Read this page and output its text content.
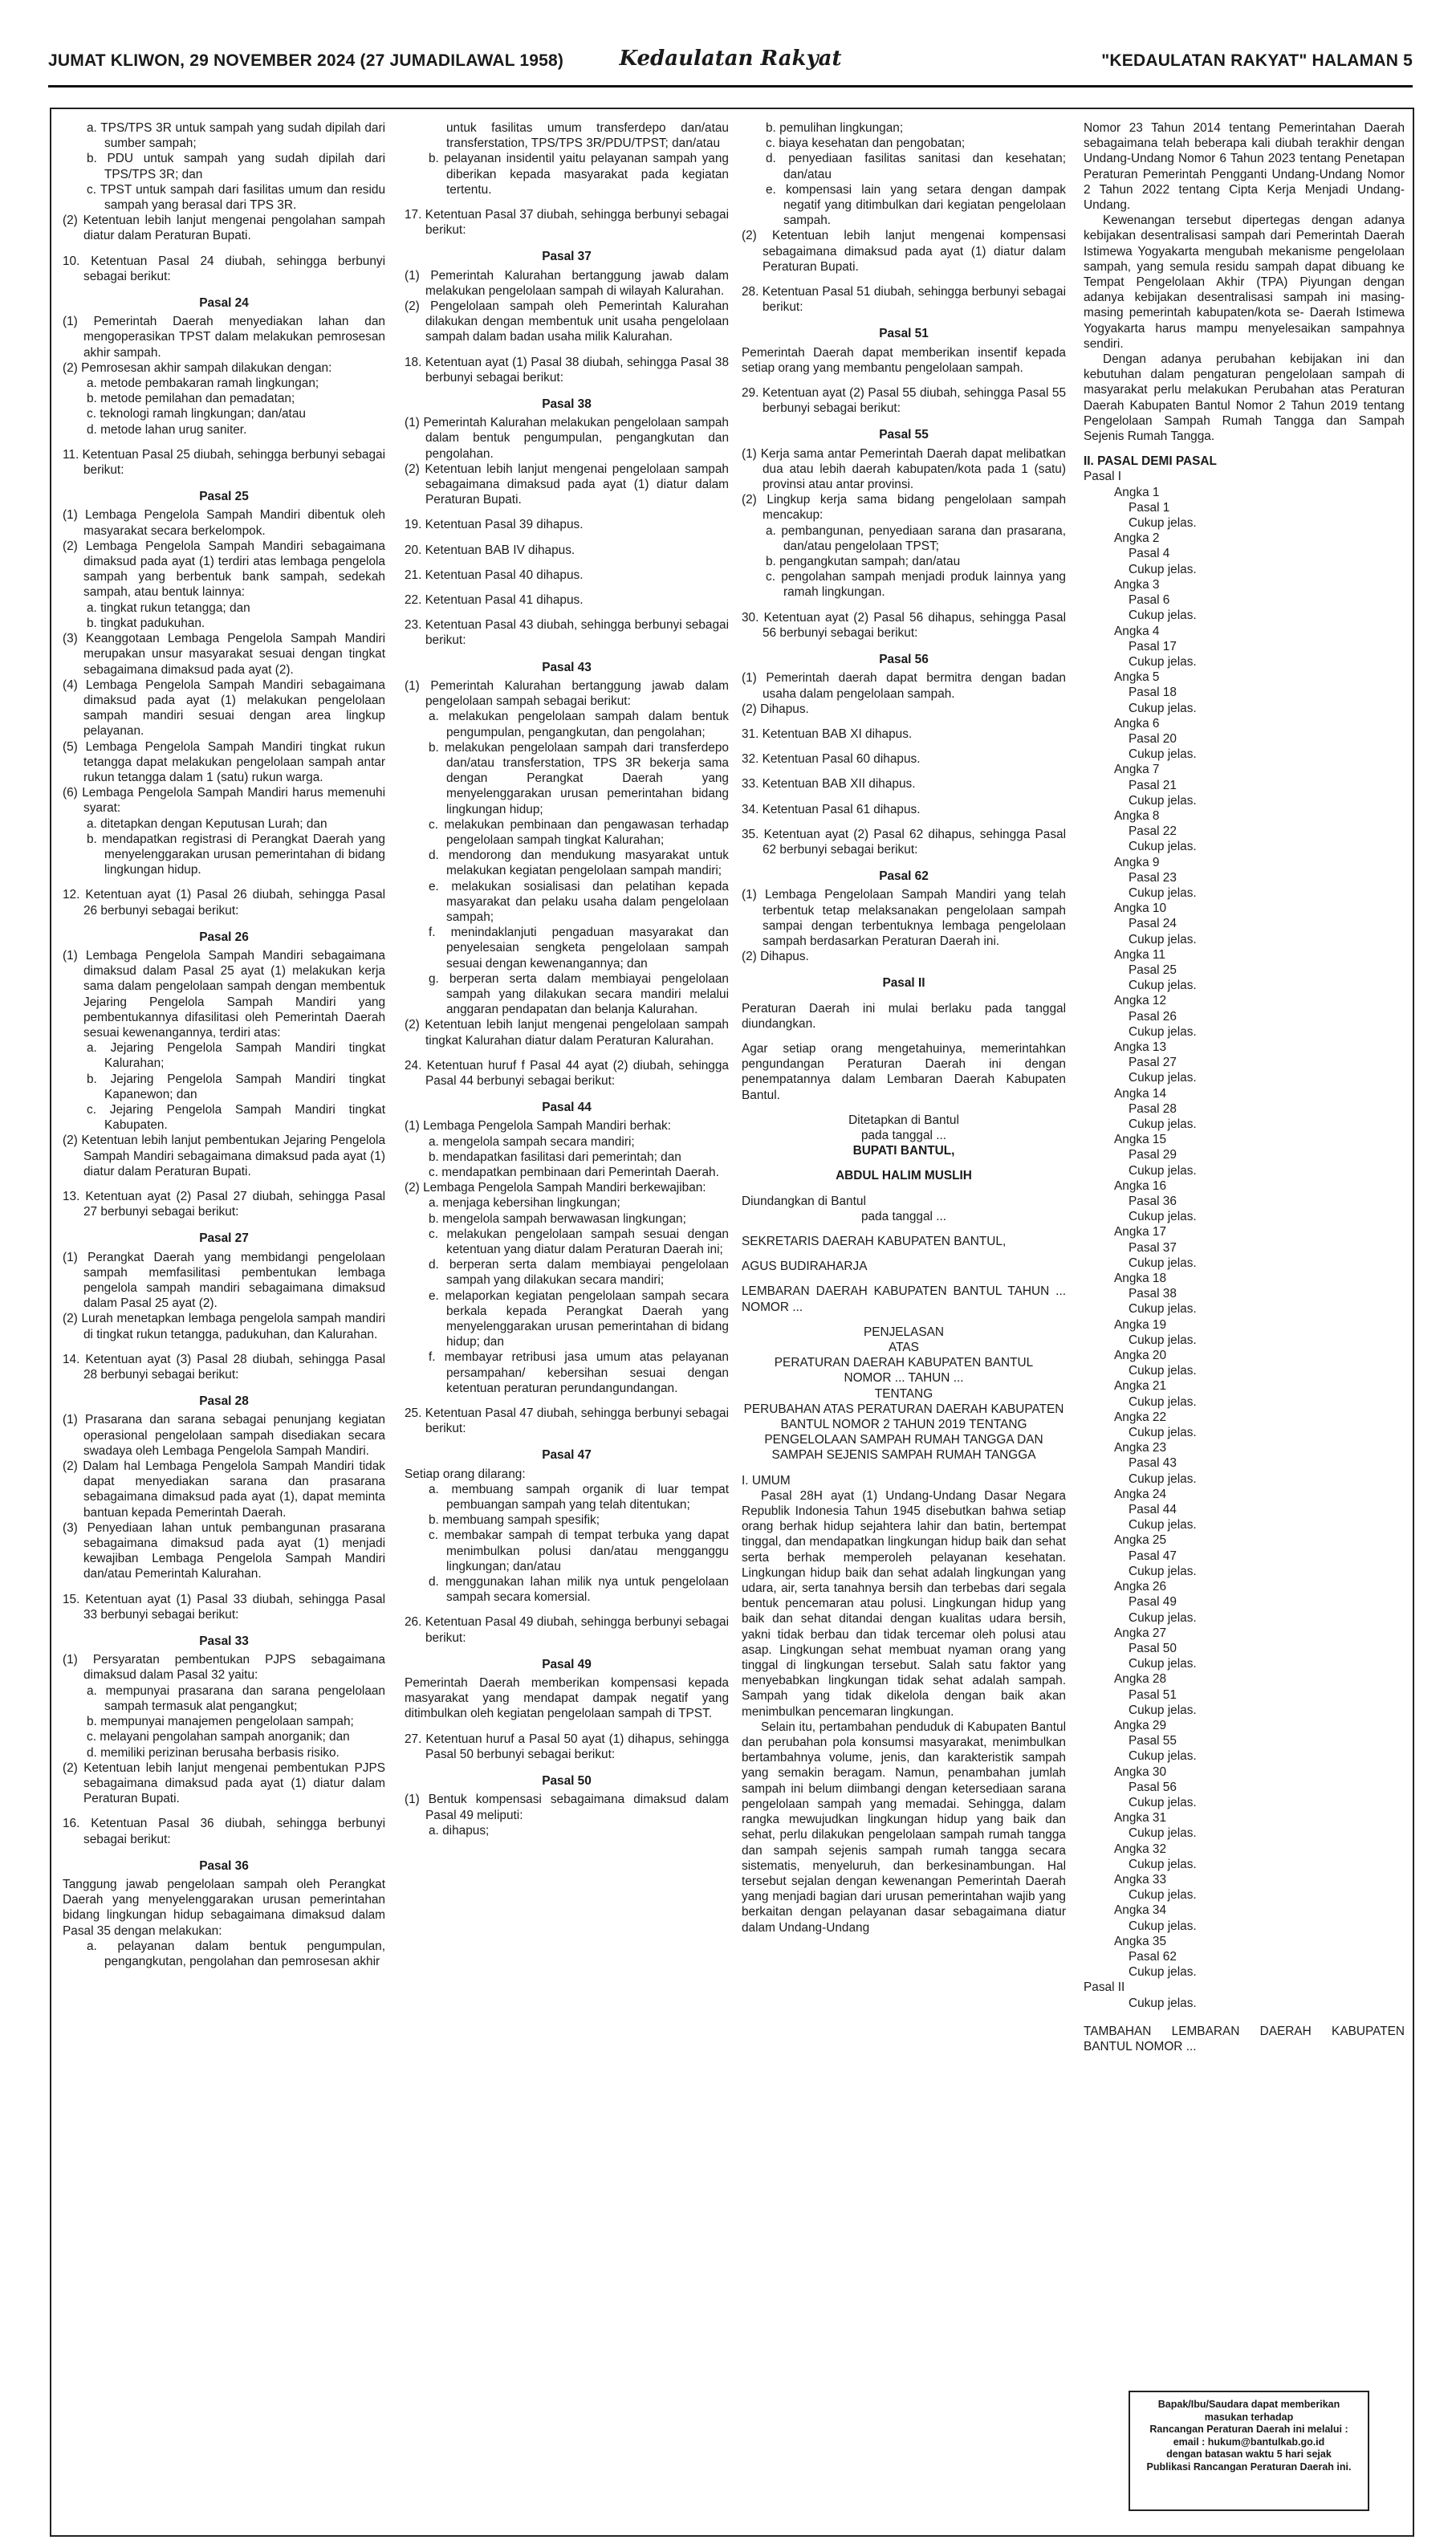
JUMAT KLIWON, 29 NOVEMBER 2024 (27 JUMADILAWAL 1958)	Kedaulatan Rakyat	"KEDAULATAN RAKYAT" HALAMAN 5
a. TPS/TPS 3R untuk sampah yang sudah dipilah dari sumber sampah;
b. PDU untuk sampah yang sudah dipilah dari TPS/TPS 3R; dan
c. TPST untuk sampah dari fasilitas umum dan residu sampah yang berasal dari TPS 3R.
(2) Ketentuan lebih lanjut mengenai pengolahan sampah diatur dalam Peraturan Bupati.
10. Ketentuan Pasal 24 diubah, sehingga berbunyi sebagai berikut:
Pasal 24
(1) Pemerintah Daerah menyediakan lahan dan mengoperasikan TPST dalam melakukan pemrosesan akhir sampah.
(2) Pemrosesan akhir sampah dilakukan dengan:
a. metode pembakaran ramah lingkungan;
b. metode pemilahan dan pemadatan;
c. teknologi ramah lingkungan; dan/atau
d. metode lahan urug saniter.
11. Ketentuan Pasal 25 diubah, sehingga berbunyi sebagai berikut:
Pasal 25
(1) Lembaga Pengelola Sampah Mandiri dibentuk oleh masyarakat secara berkelompok.
(2) Lembaga Pengelola Sampah Mandiri sebagaimana dimaksud pada ayat (1) terdiri atas lembaga pengelola sampah yang berbentuk bank sampah, sedekah sampah, atau bentuk lainnya:
a. tingkat rukun tetangga; dan
b. tingkat padukuhan.
(3) Keanggotaan Lembaga Pengelola Sampah Mandiri merupakan unsur masyarakat sesuai dengan tingkat sebagaimana dimaksud pada ayat (2).
(4) Lembaga Pengelola Sampah Mandiri sebagaimana dimaksud pada ayat (1) melakukan pengelolaan sampah mandiri sesuai dengan area lingkup pelayanan.
(5) Lembaga Pengelola Sampah Mandiri tingkat rukun tetangga dapat melakukan pengelolaan sampah antar rukun tetangga dalam 1 (satu) rukun warga.
(6) Lembaga Pengelola Sampah Mandiri harus memenuhi syarat:
a. ditetapkan dengan Keputusan Lurah; dan
b. mendapatkan registrasi di Perangkat Daerah yang menyelenggarakan urusan pemerintahan di bidang lingkungan hidup.
12. Ketentuan ayat (1) Pasal 26 diubah, sehingga Pasal 26 berbunyi sebagai berikut:
Pasal 26
(1) Lembaga Pengelola Sampah Mandiri sebagaimana dimaksud dalam Pasal 25 ayat (1) melakukan kerja sama dalam pengelolaan sampah dengan membentuk Jejaring Pengelola Sampah Mandiri yang pembentukannya difasilitasi oleh Pemerintah Daerah sesuai kewenangannya, terdiri atas:
a. Jejaring Pengelola Sampah Mandiri tingkat Kalurahan;
b. Jejaring Pengelola Sampah Mandiri tingkat Kapanewon; dan
c. Jejaring Pengelola Sampah Mandiri tingkat Kabupaten.
(2) Ketentuan lebih lanjut pembentukan Jejaring Pengelola Sampah Mandiri sebagaimana dimaksud pada ayat (1) diatur dalam Peraturan Bupati.
13. Ketentuan ayat (2) Pasal 27 diubah, sehingga Pasal 27 berbunyi sebagai berikut:
Pasal 27
(1) Perangkat Daerah yang membidangi pengelolaan sampah memfasilitasi pembentukan lembaga pengelola sampah mandiri sebagaimana dimaksud dalam Pasal 25 ayat (2).
(2) Lurah menetapkan lembaga pengelola sampah mandiri di tingkat rukun tetangga, padukuhan, dan Kalurahan.
14. Ketentuan ayat (3) Pasal 28 diubah, sehingga Pasal 28 berbunyi sebagai berikut:
Pasal 28
(1) Prasarana dan sarana sebagai penunjang kegiatan operasional pengelolaan sampah disediakan secara swadaya oleh Lembaga Pengelola Sampah Mandiri.
(2) Dalam hal Lembaga Pengelola Sampah Mandiri tidak dapat menyediakan sarana dan prasarana sebagaimana dimaksud pada ayat (1), dapat meminta bantuan kepada Pemerintah Daerah.
(3) Penyediaan lahan untuk pembangunan prasarana sebagaimana dimaksud pada ayat (1) menjadi kewajiban Lembaga Pengelola Sampah Mandiri dan/atau Pemerintah Kalurahan.
15. Ketentuan ayat (1) Pasal 33 diubah, sehingga Pasal 33 berbunyi sebagai berikut:
Pasal 33
(1) Persyaratan pembentukan PJPS sebagaimana dimaksud dalam Pasal 32 yaitu:
a. mempunyai prasarana dan sarana pengelolaan sampah termasuk alat pengangkut;
b. mempunyai manajemen pengelolaan sampah;
c. melayani pengolahan sampah anorganik; dan
d. memiliki perizinan berusaha berbasis risiko.
(2) Ketentuan lebih lanjut mengenai pembentukan PJPS sebagaimana dimaksud pada ayat (1) diatur dalam Peraturan Bupati.
16. Ketentuan Pasal 36 diubah, sehingga berbunyi sebagai berikut:
Pasal 36
Tanggung jawab pengelolaan sampah oleh Perangkat Daerah yang menyelenggarakan urusan pemerintahan bidang lingkungan hidup sebagaimana dimaksud dalam Pasal 35 dengan melakukan:
a. pelayanan dalam bentuk pengumpulan, pengangkutan, pengolahan dan pemrosesan akhir
untuk fasilitas umum transferdepo dan/atau transferstation, TPS/TPS 3R/PDU/TPST; dan/atau
b. pelayanan insidentil yaitu pelayanan sampah yang diberikan kepada masyarakat pada kegiatan tertentu.
17. Ketentuan Pasal 37 diubah, sehingga berbunyi sebagai berikut:
Pasal 37
(1) Pemerintah Kalurahan bertanggung jawab dalam melakukan pengelolaan sampah di wilayah Kalurahan.
(2) Pengelolaan sampah oleh Pemerintah Kalurahan dilakukan dengan membentuk unit usaha pengelolaan sampah dalam badan usaha milik Kalurahan.
18. Ketentuan ayat (1) Pasal 38 diubah, sehingga Pasal 38 berbunyi sebagai berikut:
Pasal 38
(1) Pemerintah Kalurahan melakukan pengelolaan sampah dalam bentuk pengumpulan, pengangkutan dan pengolahan.
(2) Ketentuan lebih lanjut mengenai pengelolaan sampah sebagaimana dimaksud pada ayat (1) diatur dalam Peraturan Bupati.
19. Ketentuan Pasal 39 dihapus.
20. Ketentuan BAB IV dihapus.
21. Ketentuan Pasal 40 dihapus.
22. Ketentuan Pasal 41 dihapus.
23. Ketentuan Pasal 43 diubah, sehingga berbunyi sebagai berikut:
Pasal 43
(1) Pemerintah Kalurahan bertanggung jawab dalam pengelolaan sampah sebagai berikut:
a. melakukan pengelolaan sampah dalam bentuk pengumpulan, pengangkutan, dan pengolahan;
b. melakukan pengelolaan sampah dari transferdepo dan/atau transferstation, TPS 3R bekerja sama dengan Perangkat Daerah yang menyelenggarakan urusan pemerintahan bidang lingkungan hidup;
c. melakukan pembinaan dan pengawasan terhadap pengelolaan sampah tingkat Kalurahan;
d. mendorong dan mendukung masyarakat untuk melakukan kegiatan pengelolaan sampah mandiri;
e. melakukan sosialisasi dan pelatihan kepada masyarakat dan pelaku usaha dalam pengelolaan sampah;
f. menindaklanjuti pengaduan masyarakat dan penyelesaian sengketa pengelolaan sampah sesuai dengan kewenangannya; dan
g. berperan serta dalam membiayai pengelolaan sampah yang dilakukan secara mandiri melalui anggaran pendapatan dan belanja Kalurahan.
(2) Ketentuan lebih lanjut mengenai pengelolaan sampah tingkat Kalurahan diatur dalam Peraturan Kalurahan.
24. Ketentuan huruf f Pasal 44 ayat (2) diubah, sehingga Pasal 44 berbunyi sebagai berikut:
Pasal 44
(1) Lembaga Pengelola Sampah Mandiri berhak:
a. mengelola sampah secara mandiri;
b. mendapatkan fasilitasi dari pemerintah; dan
c. mendapatkan pembinaan dari Pemerintah Daerah.
(2) Lembaga Pengelola Sampah Mandiri berkewajiban:
a. menjaga kebersihan lingkungan;
b. mengelola sampah berwawasan lingkungan;
c. melakukan pengelolaan sampah sesuai dengan ketentuan yang diatur dalam Peraturan Daerah ini;
d. berperan serta dalam membiayai pengelolaan sampah yang dilakukan secara mandiri;
e. melaporkan kegiatan pengelolaan sampah secara berkala kepada Perangkat Daerah yang menyelenggarakan urusan pemerintahan di bidang hidup; dan
f. membayar retribusi jasa umum atas pelayanan persampahan/ kebersihan sesuai dengan ketentuan peraturan perundangundangan.
25. Ketentuan Pasal 47 diubah, sehingga berbunyi sebagai berikut:
Pasal 47
Setiap orang dilarang:
a. membuang sampah organik di luar tempat pembuangan sampah yang telah ditentukan;
b. membuang sampah spesifik;
c. membakar sampah di tempat terbuka yang dapat menimbulkan polusi dan/atau mengganggu lingkungan; dan/atau
d. menggunakan lahan milik nya untuk pengelolaan sampah secara komersial.
26. Ketentuan Pasal 49 diubah, sehingga berbunyi sebagai berikut:
Pasal 49
Pemerintah Daerah memberikan kompensasi kepada masyarakat yang mendapat dampak negatif yang ditimbulkan oleh kegiatan pengelolaan sampah di TPST.
27. Ketentuan huruf a Pasal 50 ayat (1) dihapus, sehingga Pasal 50 berbunyi sebagai berikut:
Pasal 50
(1) Bentuk kompensasi sebagaimana dimaksud dalam Pasal 49 meliputi:
a. dihapus;
b. pemulihan lingkungan;
c. biaya kesehatan dan pengobatan;
d. penyediaan fasilitas sanitasi dan kesehatan; dan/atau
e. kompensasi lain yang setara dengan dampak negatif yang ditimbulkan dari kegiatan pengelolaan sampah.
(2) Ketentuan lebih lanjut mengenai kompensasi sebagaimana dimaksud pada ayat (1) diatur dalam Peraturan Bupati.
28. Ketentuan Pasal 51 diubah, sehingga berbunyi sebagai berikut:
Pasal 51
Pemerintah Daerah dapat memberikan insentif kepada setiap orang yang membantu pengelolaan sampah.
29. Ketentuan ayat (2) Pasal 55 diubah, sehingga Pasal 55 berbunyi sebagai berikut:
Pasal 55
(1) Kerja sama antar Pemerintah Daerah dapat melibatkan dua atau lebih daerah kabupaten/kota pada 1 (satu) provinsi atau antar provinsi.
(2) Lingkup kerja sama bidang pengelolaan sampah mencakup:
a. pembangunan, penyediaan sarana dan prasarana, dan/atau pengelolaan TPST;
b. pengangkutan sampah; dan/atau
c. pengolahan sampah menjadi produk lainnya yang ramah lingkungan.
30. Ketentuan ayat (2) Pasal 56 dihapus, sehingga Pasal 56 berbunyi sebagai berikut:
Pasal 56
(1) Pemerintah daerah dapat bermitra dengan badan usaha dalam pengelolaan sampah.
(2) Dihapus.
31. Ketentuan BAB XI dihapus.
32. Ketentuan Pasal 60 dihapus.
33. Ketentuan BAB XII dihapus.
34. Ketentuan Pasal 61 dihapus.
35. Ketentuan ayat (2) Pasal 62 dihapus, sehingga Pasal 62 berbunyi sebagai berikut:
Pasal 62
(1) Lembaga Pengelolaan Sampah Mandiri yang telah terbentuk tetap melaksanakan pengelolaan sampah sampai dengan terbentuknya lembaga pengelolaan sampah berdasarkan Peraturan Daerah ini.
(2) Dihapus.
Pasal II
Peraturan Daerah ini mulai berlaku pada tanggal diundangkan.
Agar setiap orang mengetahuinya, memerintahkan pengundangan Peraturan Daerah ini dengan penempatannya dalam Lembaran Daerah Kabupaten Bantul.
Ditetapkan di Bantul
pada tanggal ...
BUPATI BANTUL,
ABDUL HALIM MUSLIH
Diundangkan di Bantul
pada tanggal ...
SEKRETARIS DAERAH KABUPATEN BANTUL,
AGUS BUDIRAHARJA
LEMBARAN DAERAH KABUPATEN BANTUL TAHUN ... NOMOR ...
PENJELASAN
ATAS
PERATURAN DAERAH KABUPATEN BANTUL
NOMOR ... TAHUN ...
TENTANG
PERUBAHAN ATAS PERATURAN DAERAH KABUPATEN BANTUL NOMOR 2 TAHUN 2019 TENTANG PENGELOLAAN SAMPAH RUMAH TANGGA DAN SAMPAH SEJENIS SAMPAH RUMAH TANGGA
I. UMUM
Pasal 28H ayat (1) Undang-Undang Dasar Negara Republik Indonesia Tahun 1945 disebutkan bahwa setiap orang berhak hidup sejahtera lahir dan batin, bertempat tinggal, dan mendapatkan lingkungan hidup baik dan sehat serta berhak memperoleh pelayanan kesehatan. Lingkungan hidup baik dan sehat adalah lingkungan yang udara, air, serta tanahnya bersih dan terbebas dari segala bentuk pencemaran atau polusi. Lingkungan hidup yang baik dan sehat ditandai dengan kualitas udara bersih, yakni tidak berbau dan tidak tercemar oleh polusi atau asap. Lingkungan sehat membuat nyaman orang yang tinggal di lingkungan tersebut. Salah satu faktor yang menyebabkan lingkungan tidak sehat adalah sampah. Sampah yang tidak dikelola dengan baik akan menimbulkan pencemaran lingkungan.
Selain itu, pertambahan penduduk di Kabupaten Bantul dan perubahan pola konsumsi masyarakat, menimbulkan bertambahnya volume, jenis, dan karakteristik sampah yang semakin beragam. Namun, penambahan jumlah sampah ini belum diimbangi dengan ketersediaan sarana pengelolaan sampah yang memadai. Sehingga, dalam rangka mewujudkan lingkungan hidup yang baik dan sehat, perlu dilakukan pengelolaan sampah rumah tangga dan sampah sejenis sampah rumah tangga secara sistematis, menyeluruh, dan berkesinambungan. Hal tersebut sejalan dengan kewenangan Pemerintah Daerah yang menjadi bagian dari urusan pemerintahan wajib yang berkaitan dengan pelayanan dasar sebagaimana diatur dalam Undang-Undang
Nomor 23 Tahun 2014 tentang Pemerintahan Daerah sebagaimana telah beberapa kali diubah terakhir dengan Undang-Undang Nomor 6 Tahun 2023 tentang Penetapan Peraturan Pemerintah Pengganti Undang-Undang Nomor 2 Tahun 2022 tentang Cipta Kerja Menjadi Undang-Undang.
Kewenangan tersebut dipertegas dengan adanya kebijakan desentralisasi sampah dari Pemerintah Daerah Istimewa Yogyakarta mengubah mekanisme pengelolaan sampah, yang semula residu sampah dapat dibuang ke Tempat Pengelolaan Akhir (TPA) Piyungan dengan adanya kebijakan desentralisasi sampah ini masing-masing pemerintah kabupaten/kota se- Daerah Istimewa Yogyakarta harus mampu menyelesaikan sampahnya sendiri.
Dengan adanya perubahan kebijakan ini dan kebutuhan dalam pengaturan pengelolaan sampah di masyarakat perlu melakukan Perubahan atas Peraturan Daerah Kabupaten Bantul Nomor 2 Tahun 2019 tentang Pengelolaan Sampah Rumah Tangga dan Sampah Sejenis Rumah Tangga.
II. PASAL DEMI PASAL
Pasal I
Angka 1
Pasal 1
Cukup jelas.
Angka 2
Pasal 4
Cukup jelas.
Angka 3
Pasal 6
Cukup jelas.
Angka 4
Pasal 17
Cukup jelas.
Angka 5
Pasal 18
Cukup jelas.
Angka 6
Pasal 20
Cukup jelas.
Angka 7
Pasal 21
Cukup jelas.
Angka 8
Pasal 22
Cukup jelas.
Angka 9
Pasal 23
Cukup jelas.
Angka 10
Pasal 24
Cukup jelas.
Angka 11
Pasal 25
Cukup jelas.
Angka 12
Pasal 26
Cukup jelas.
Angka 13
Pasal 27
Cukup jelas.
Angka 14
Pasal 28
Cukup jelas.
Angka 15
Pasal 29
Cukup jelas.
Angka 16
Pasal 36
Cukup jelas.
Angka 17
Pasal 37
Cukup jelas.
Angka 18
Pasal 38
Cukup jelas.
Angka 19
Cukup jelas.
Angka 20
Cukup jelas.
Angka 21
Cukup jelas.
Angka 22
Cukup jelas.
Angka 23
Pasal 43
Cukup jelas.
Angka 24
Pasal 44
Cukup jelas.
Angka 25
Pasal 47
Cukup jelas.
Angka 26
Pasal 49
Cukup jelas.
Angka 27
Pasal 50
Cukup jelas.
Angka 28
Pasal 51
Cukup jelas.
Angka 29
Pasal 55
Cukup jelas.
Angka 30
Pasal 56
Cukup jelas.
Angka 31
Cukup jelas.
Angka 32
Cukup jelas.
Angka 33
Cukup jelas.
Angka 34
Cukup jelas.
Angka 35
Pasal 62
Cukup jelas.
Pasal II
Cukup jelas.
TAMBAHAN LEMBARAN DAERAH KABUPATEN BANTUL NOMOR ...
Bapak/Ibu/Saudara dapat memberikan
masukan terhadap
Rancangan Peraturan Daerah ini melalui :
email : hukum@bantulkab.go.id
dengan batasan waktu 5 hari sejak
Publikasi Rancangan Peraturan Daerah ini.
